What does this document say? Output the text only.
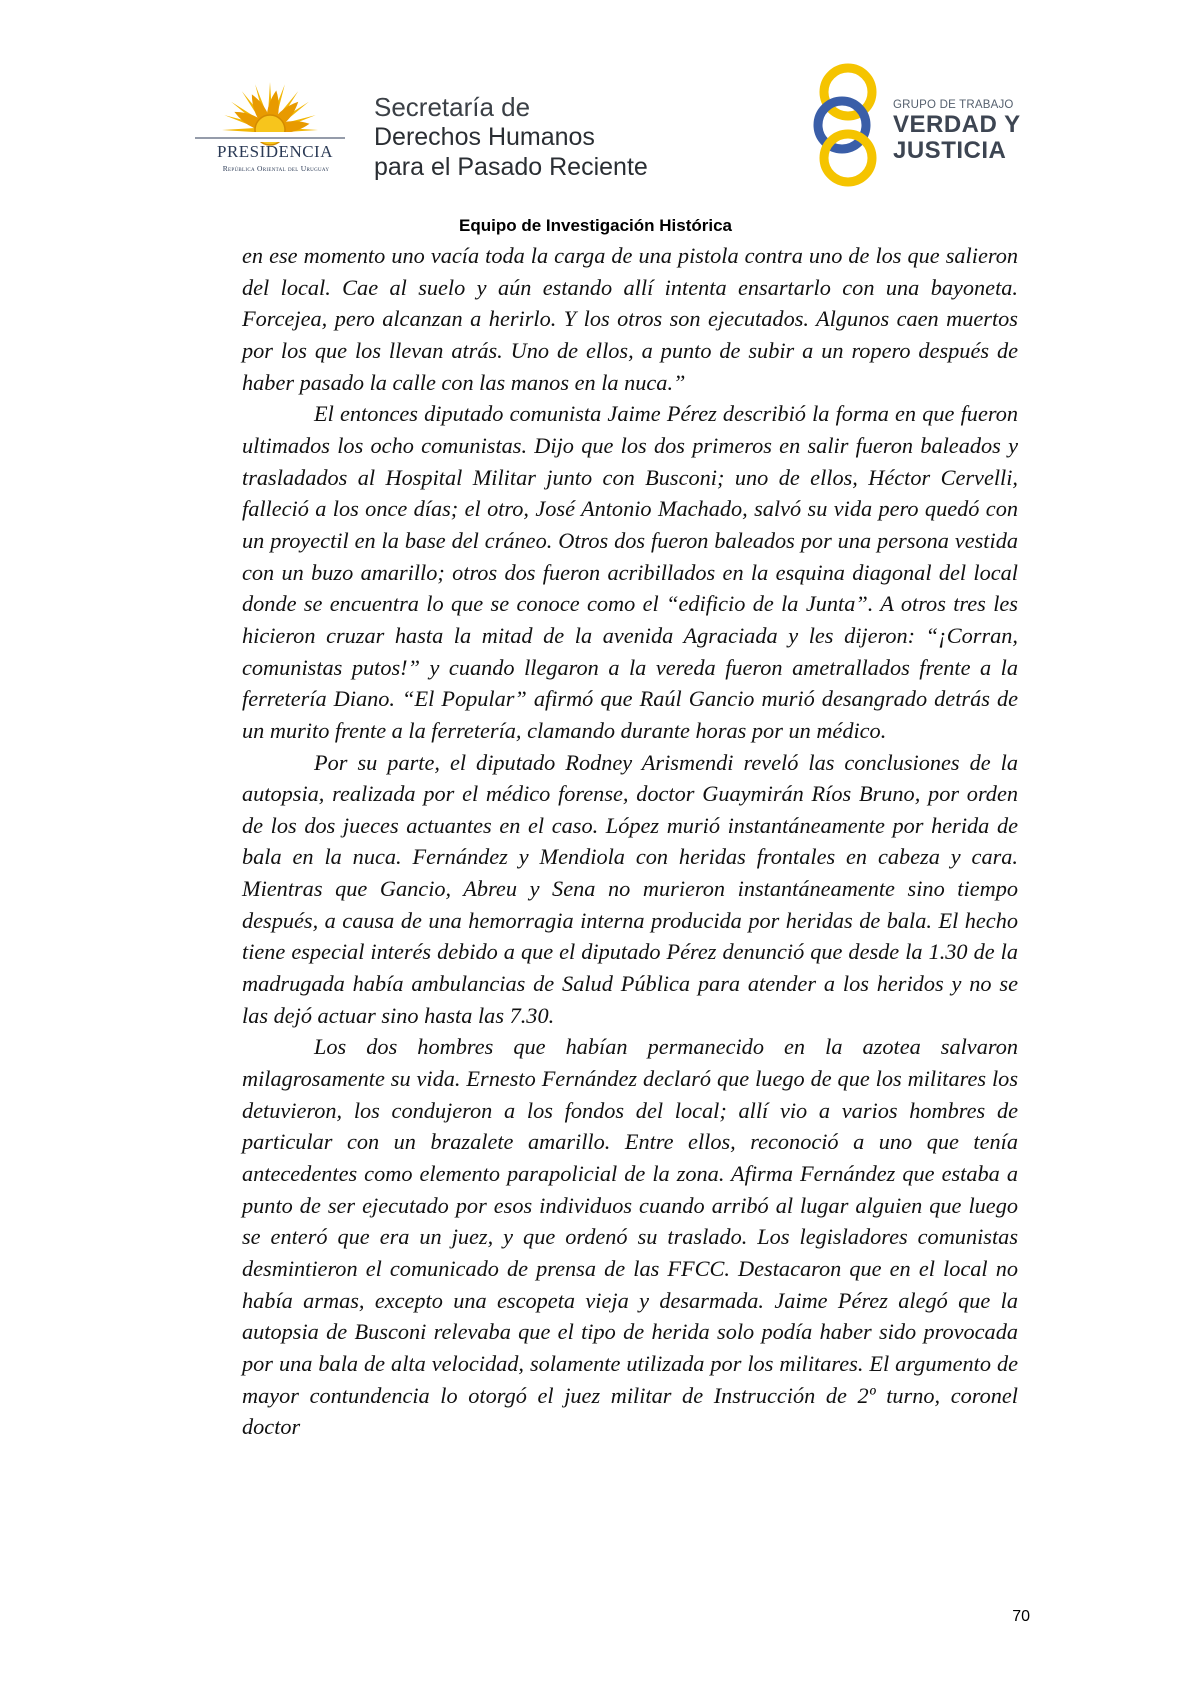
PRESIDENCIA
República Oriental del Uruguay
Secretaría de
Derechos Humanos
para el Pasado Reciente
GRUPO DE TRABAJO
VERDAD Y
JUSTICIA
Equipo de Investigación Histórica

en ese momento uno vacía toda la carga de una pistola contra uno de los que salieron del local. Cae al suelo y aún estando allí intenta ensartarlo con una bayoneta. Forcejea, pero alcanzan a herirlo. Y los otros son ejecutados. Algunos caen muertos por los que los llevan atrás. Uno de ellos, a punto de subir a un ropero después de haber pasado la calle con las manos en la nuca.”

El entonces diputado comunista Jaime Pérez describió la forma en que fueron ultimados los ocho comunistas. Dijo que los dos primeros en salir fueron baleados y trasladados al Hospital Militar junto con Busconi; uno de ellos, Héctor Cervelli, falleció a los once días; el otro, José Antonio Machado, salvó su vida pero quedó con un proyectil en la base del cráneo. Otros dos fueron baleados por una persona vestida con un buzo amarillo; otros dos fueron acribillados en la esquina diagonal del local donde se encuentra lo que se conoce como el “edificio de la Junta”. A otros tres les hicieron cruzar hasta la mitad de la avenida Agraciada y les dijeron: “¡Corran, comunistas putos!” y cuando llegaron a la vereda fueron ametrallados frente a la ferretería Diano. “El Popular” afirmó que Raúl Gancio murió desangrado detrás de un murito frente a la ferretería, clamando durante horas por un médico.

Por su parte, el diputado Rodney Arismendi reveló las conclusiones de la autopsia, realizada por el médico forense, doctor Guaymirán Ríos Bruno, por orden de los dos jueces actuantes en el caso. López murió instantáneamente por herida de bala en la nuca. Fernández y Mendiola con heridas frontales en cabeza y cara. Mientras que Gancio, Abreu y Sena no murieron instantáneamente sino tiempo después, a causa de una hemorragia interna producida por heridas de bala. El hecho tiene especial interés debido a que el diputado Pérez denunció que desde la 1.30 de la madrugada había ambulancias de Salud Pública para atender a los heridos y no se las dejó actuar sino hasta las 7.30.

Los dos hombres que habían permanecido en la azotea salvaron milagrosamente su vida. Ernesto Fernández declaró que luego de que los militares los detuvieron, los condujeron a los fondos del local; allí vio a varios hombres de particular con un brazalete amarillo. Entre ellos, reconoció a uno que tenía antecedentes como elemento parapolicial de la zona. Afirma Fernández que estaba a punto de ser ejecutado por esos individuos cuando arribó al lugar alguien que luego se enteró que era un juez, y que ordenó su traslado. Los legisladores comunistas desmintieron el comunicado de prensa de las FFCC. Destacaron que en el local no había armas, excepto una escopeta vieja y desarmada. Jaime Pérez alegó que la autopsia de Busconi relevaba que el tipo de herida solo podía haber sido provocada por una bala de alta velocidad, solamente utilizada por los militares. El argumento de mayor contundencia lo otorgó el juez militar de Instrucción de 2º turno, coronel doctor

70
